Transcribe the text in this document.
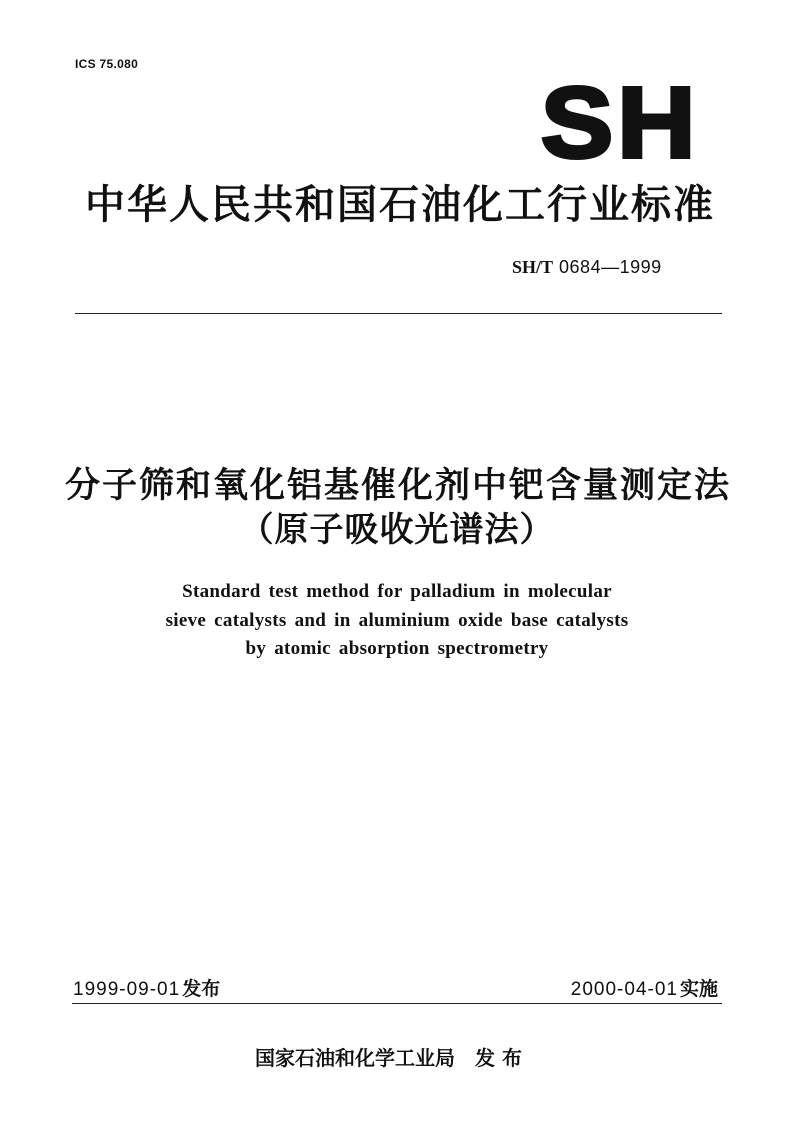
ICS 75.080
SH
中华人民共和国石油化工行业标准
SH/T 0684—1999
分子筛和氧化铝基催化剂中钯含量测定法
（原子吸收光谱法）
Standard test method for palladium in molecular
sieve catalysts and in aluminium oxide base catalysts
by atomic absorption spectrometry
1999-09-01 发布	2000-04-01 实施
国家石油和化学工业局 发 布
